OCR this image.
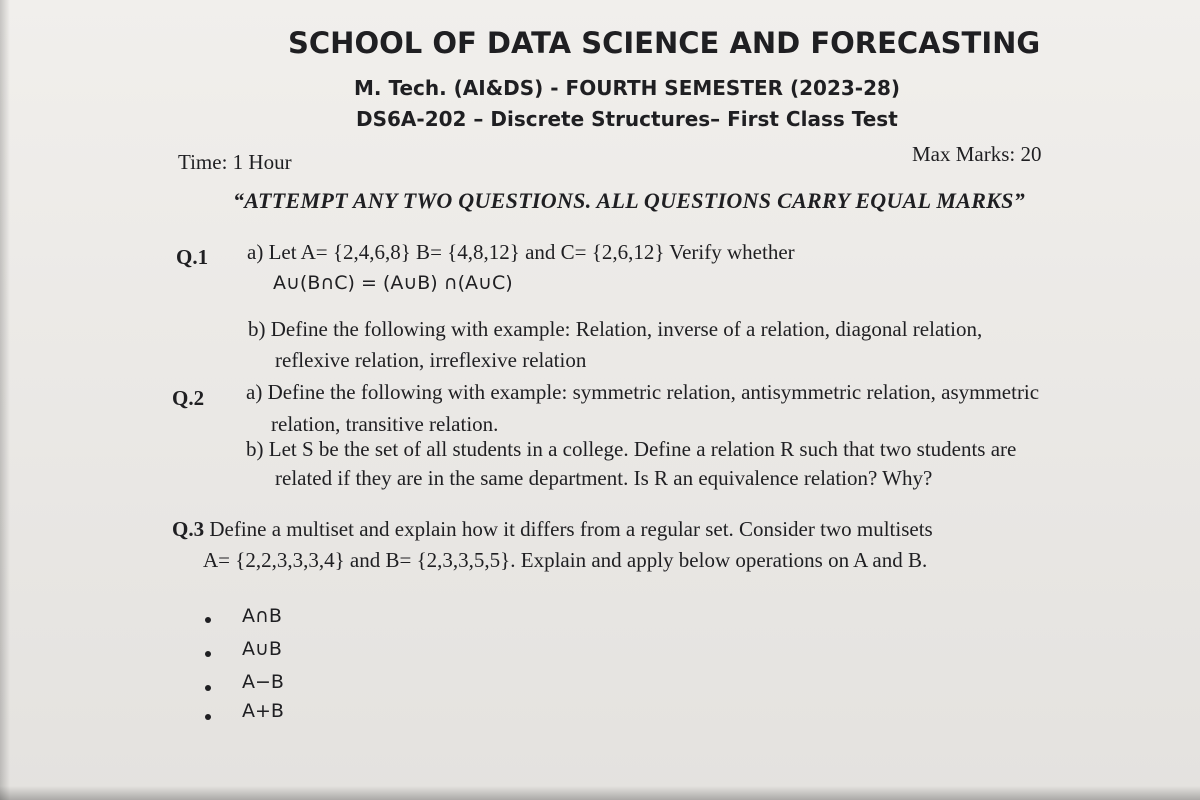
SCHOOL OF DATA SCIENCE AND FORECASTING
M. Tech. (AI&DS) - FOURTH SEMESTER (2023-28)
DS6A-202 – Discrete Structures– First Class Test
Time: 1 Hour	Max Marks: 20
“ATTEMPT ANY TWO QUESTIONS. ALL QUESTIONS CARRY EQUAL MARKS”
Q.1 a) Let A= {2,4,6,8} B= {4,8,12} and C= {2,6,12} Verify whether
A∪(B∩C) = (A∪B) ∩(A∪C)
b) Define the following with example: Relation, inverse of a relation, diagonal relation,
reflexive relation, irreflexive relation
Q.2 a) Define the following with example: symmetric relation, antisymmetric relation, asymmetric
relation, transitive relation.
b) Let S be the set of all students in a college. Define a relation R such that two students are
related if they are in the same department. Is R an equivalence relation? Why?
Q.3 Define a multiset and explain how it differs from a regular set. Consider two multisets
A= {2,2,3,3,3,4} and B= {2,3,3,5,5}. Explain and apply below operations on A and B.
A∩B
A∪B
A−B
A+B
